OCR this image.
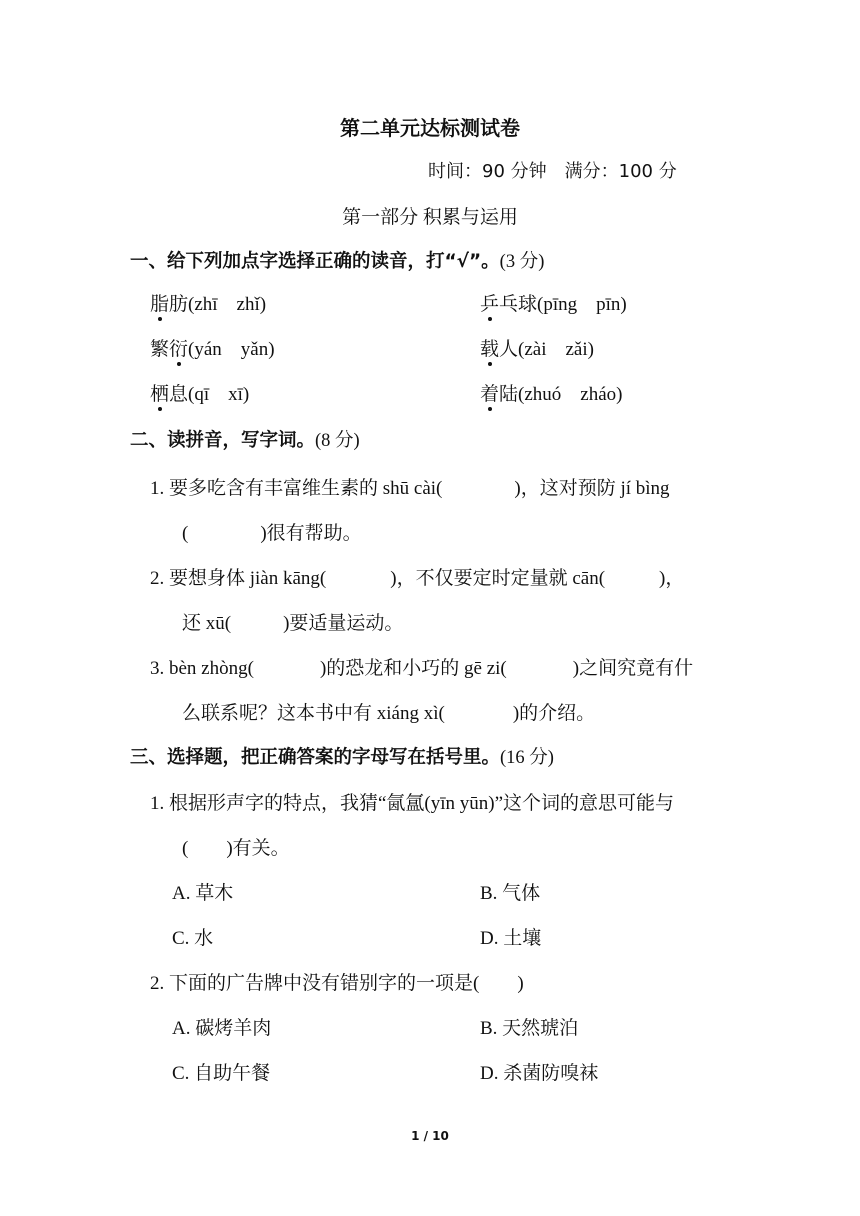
第二单元达标测试卷
时间：90 分钟　满分：100 分
第一部分 积累与运用
一、给下列加点字选择正确的读音，打“√”。(3 分)
脂肪(zhī　zhǐ)	乒乓球(pīng　pīn)
繁衍(yán　yǎn)	载人(zài　zǎi)
栖息(qī　xī)	着陆(zhuó　zháo)
二、读拼音，写字词。(8 分)
1. 要多吃含有丰富维生素的 shū cài(	)，这对预防 jí bìng
(	)很有帮助。
2. 要想身体 jiàn kāng(	)，不仅要定时定量就 cān(	)，
还 xū(	)要适量运动。
3. bèn zhòng(	)的恐龙和小巧的 gē zi(	)之间究竟有什
么联系呢？这本书中有 xiáng xì(	)的介绍。
三、选择题，把正确答案的字母写在括号里。(16 分)
1. 根据形声字的特点，我猜“氤氲(yīn yūn)”这个词的意思可能与
(　　)有关。
A. 草木	B. 气体
C. 水	D. 土壤
2. 下面的广告牌中没有错别字的一项是(　　)
A. 碳烤羊肉	B. 天然琥泊
C. 自助午餐	D. 杀菌防嗅袜
1 / 10
